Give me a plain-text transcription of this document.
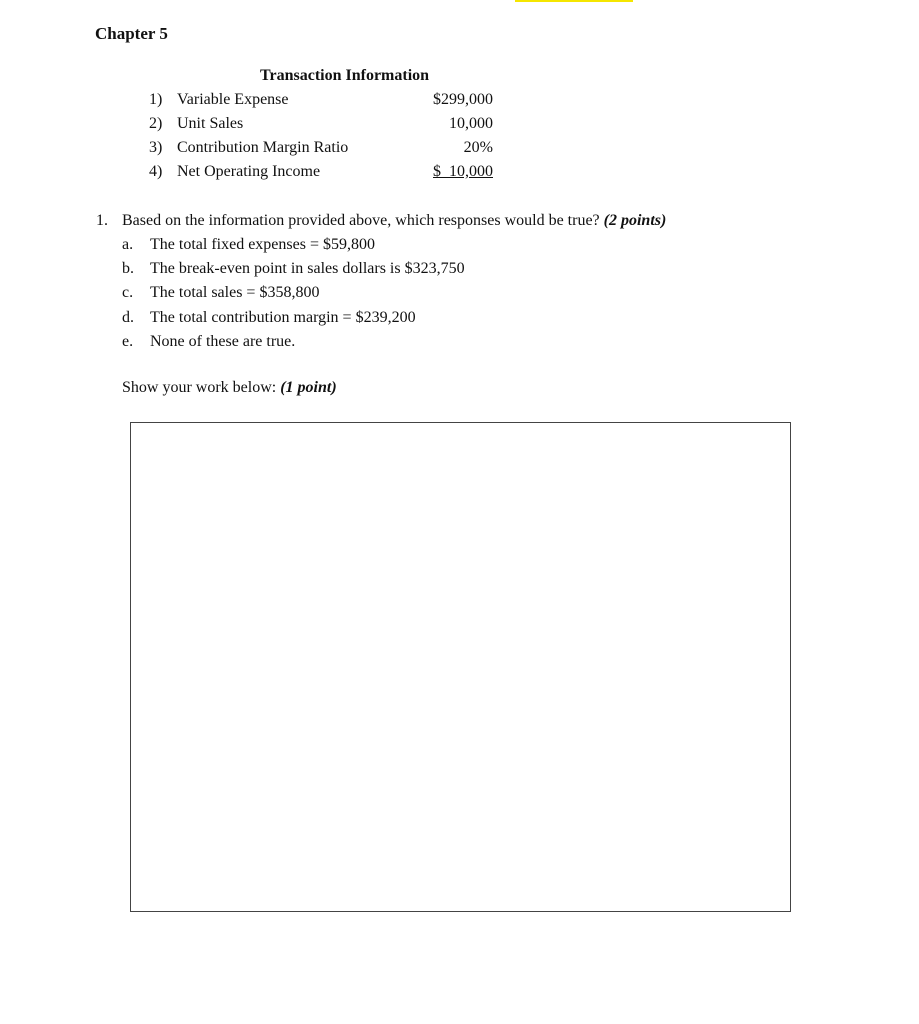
Chapter 5
Transaction Information
1) Variable Expense	$299,000
2) Unit Sales	10,000
3) Contribution Margin Ratio	20%
4) Net Operating Income	$  10,000
1. Based on the information provided above, which responses would be true? (2 points)
a. The total fixed expenses = $59,800
b. The break-even point in sales dollars is $323,750
c. The total sales = $358,800
d. The total contribution margin = $239,200
e. None of these are true.
Show your work below: (1 point)
